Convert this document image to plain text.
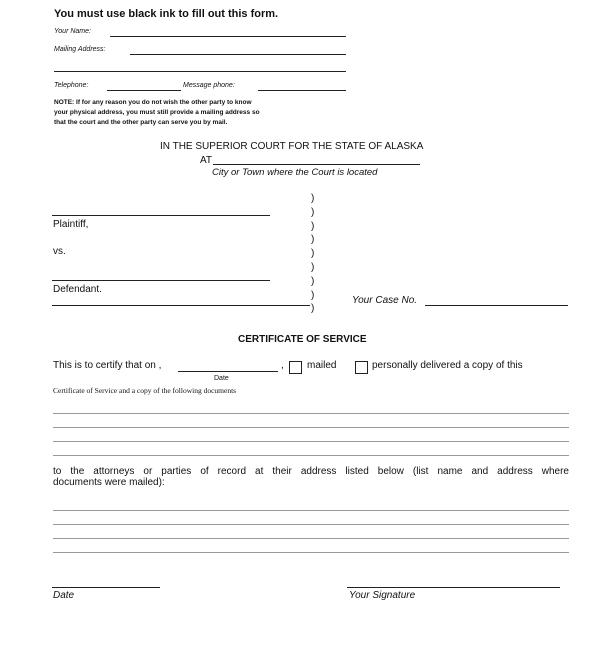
You must use black ink to fill out this form.
Your Name:
Mailing Address:
Telephone:	Message phone:
NOTE: If for any reason you do not wish the other party to know
your physical address, you must still provide a mailing address so
that the court and the other party can serve you by mail.
IN THE SUPERIOR COURT FOR THE STATE OF ALASKA
AT
City or Town where the Court is located
Plaintiff,
vs.
Defendant.
)
)
)
)
)
)
)
)
)
Your Case No.
CERTIFICATE OF SERVICE
This is to certify that on ,	, mailed	personally delivered a copy of this
Date
Certificate of Service and a copy of the following documents
to the attorneys or parties of record at their address listed below (list name and address where
documents were mailed):
Date	Your Signature
